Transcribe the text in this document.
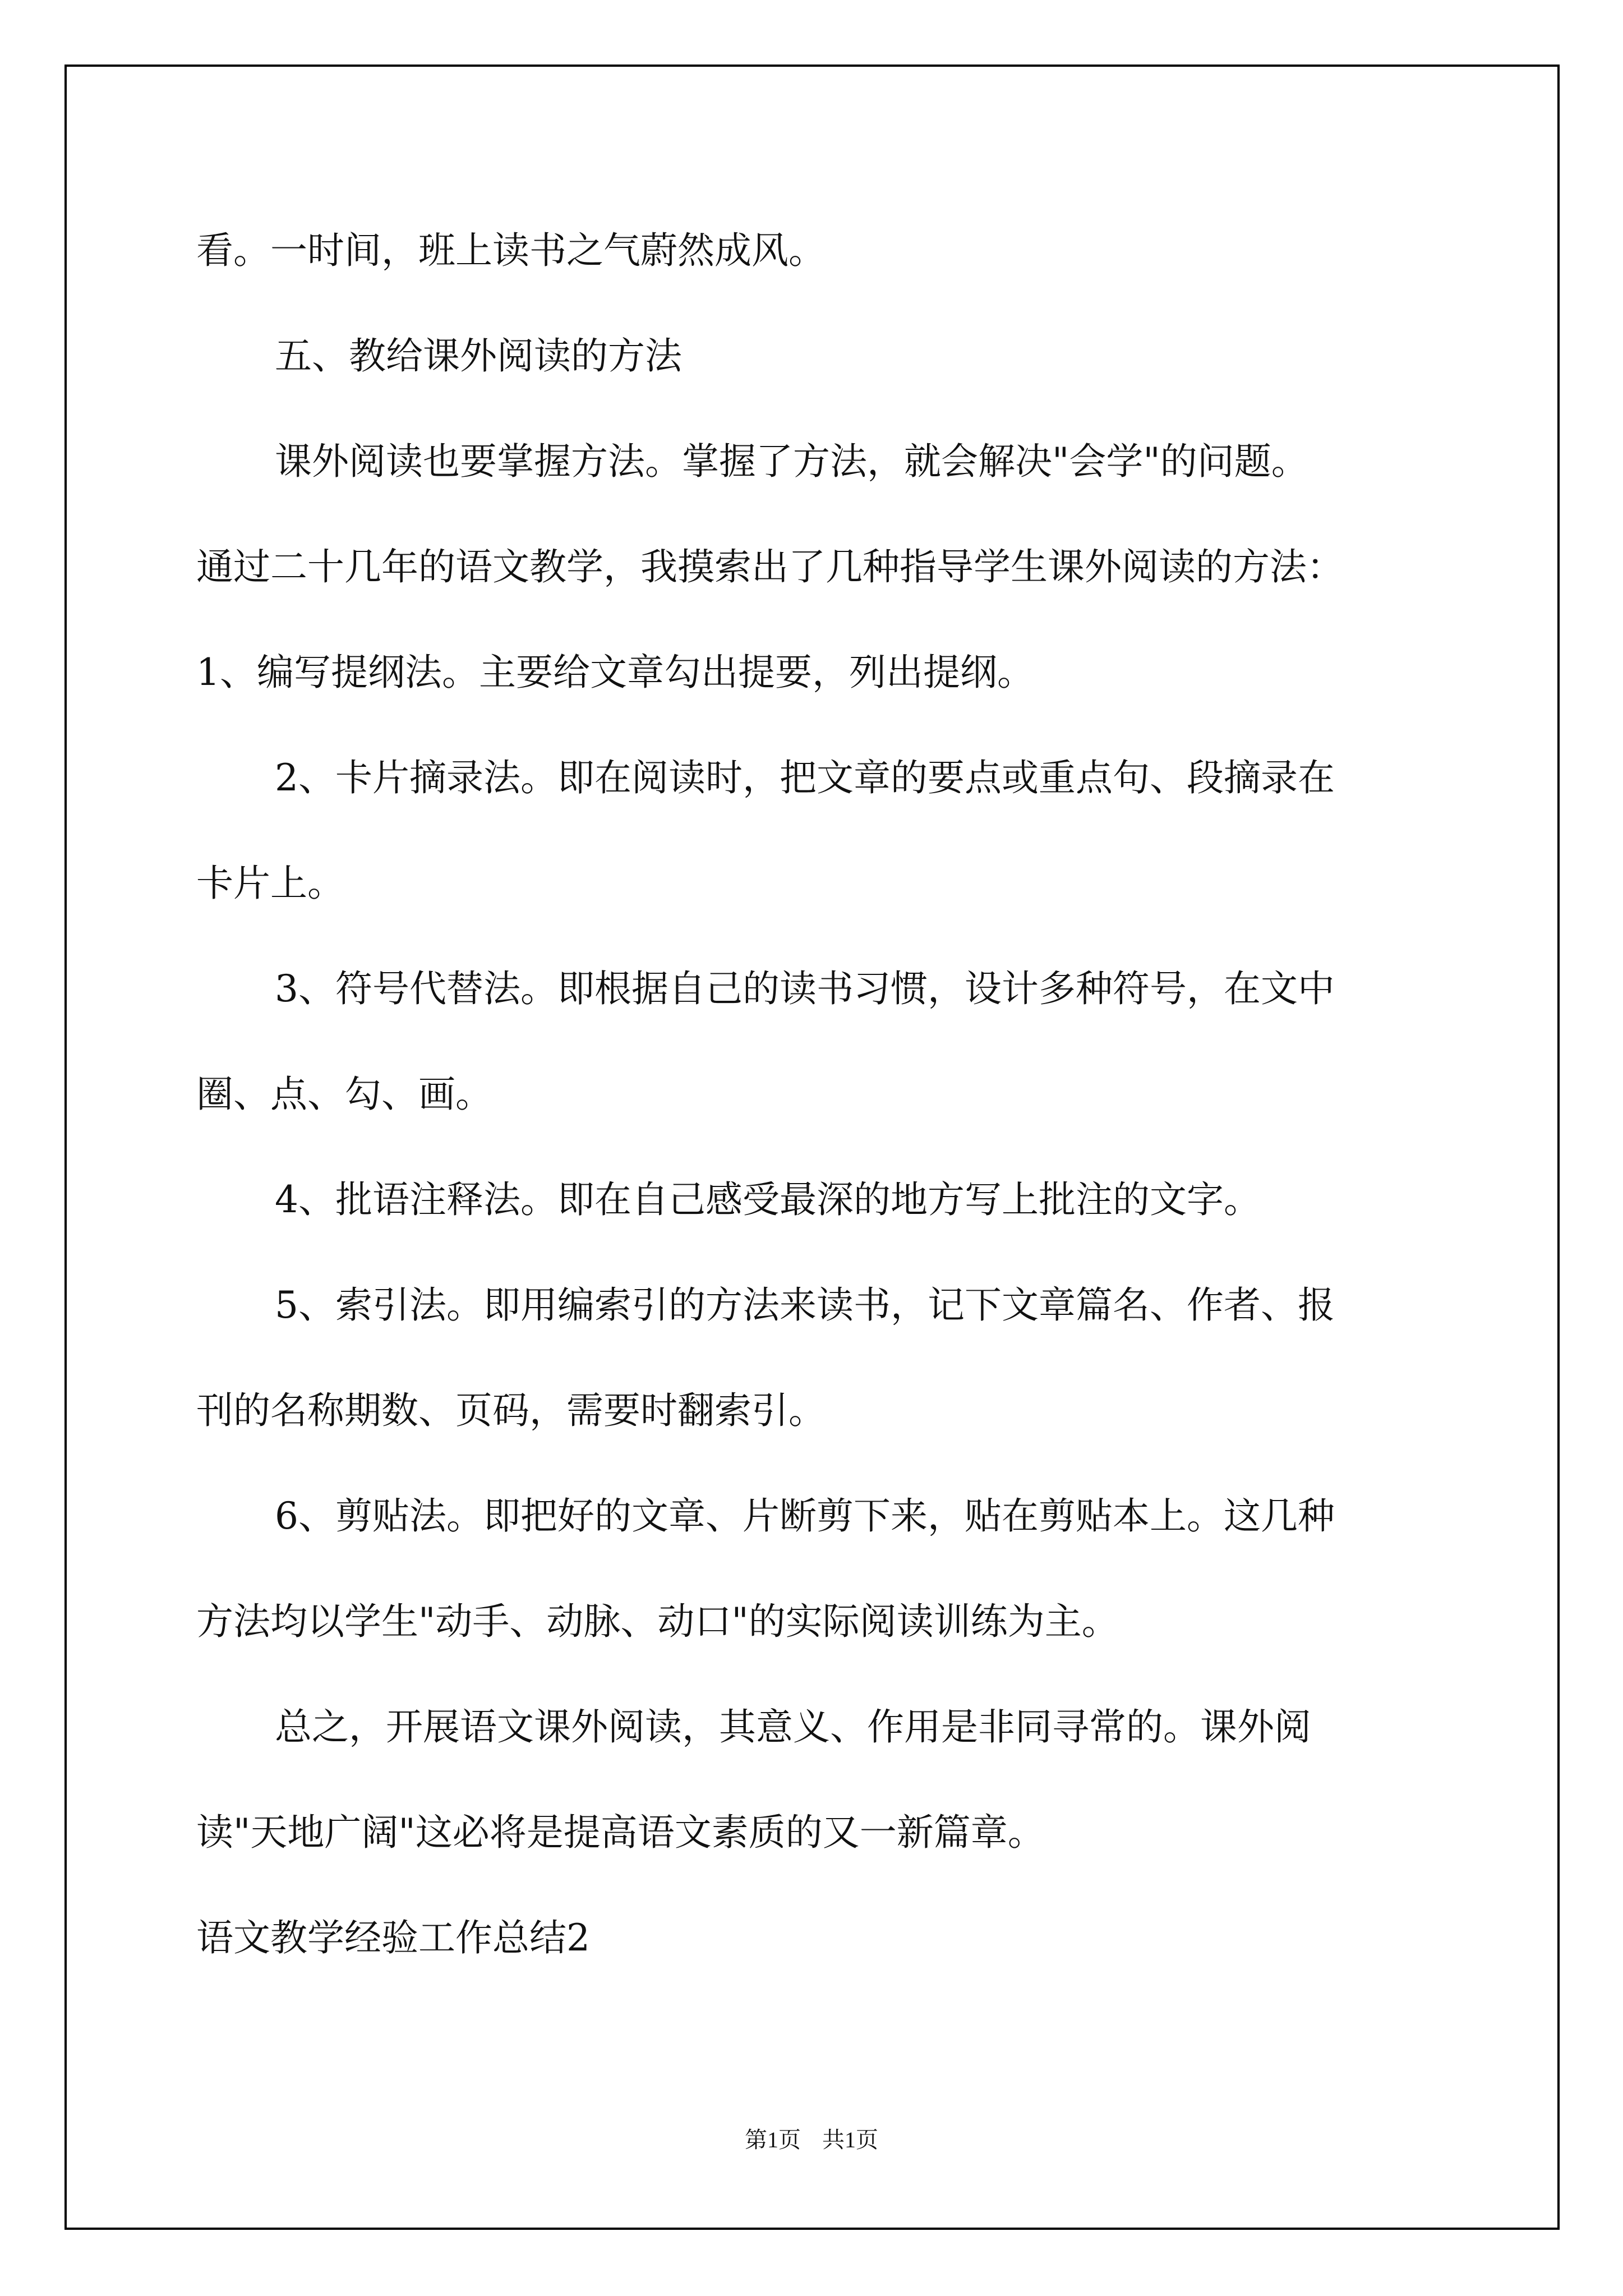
看。一时间，班上读书之气蔚然成风。
五、教给课外阅读的方法
课外阅读也要掌握方法。掌握了方法，就会解决"会学"的问题。
通过二十几年的语文教学，我摸索出了几种指导学生课外阅读的方法：
1、编写提纲法。主要给文章勾出提要，列出提纲。
2、卡片摘录法。即在阅读时，把文章的要点或重点句、段摘录在
卡片上。
3、符号代替法。即根据自己的读书习惯，设计多种符号，在文中
圈、点、勾、画。
4、批语注释法。即在自己感受最深的地方写上批注的文字。
5、索引法。即用编索引的方法来读书，记下文章篇名、作者、报
刊的名称期数、页码，需要时翻索引。
6、剪贴法。即把好的文章、片断剪下来，贴在剪贴本上。这几种
方法均以学生"动手、动脉、动口"的实际阅读训练为主。
总之，开展语文课外阅读，其意义、作用是非同寻常的。课外阅
读"天地广阔"这必将是提高语文素质的又一新篇章。
语文教学经验工作总结2
第1页 共1页
